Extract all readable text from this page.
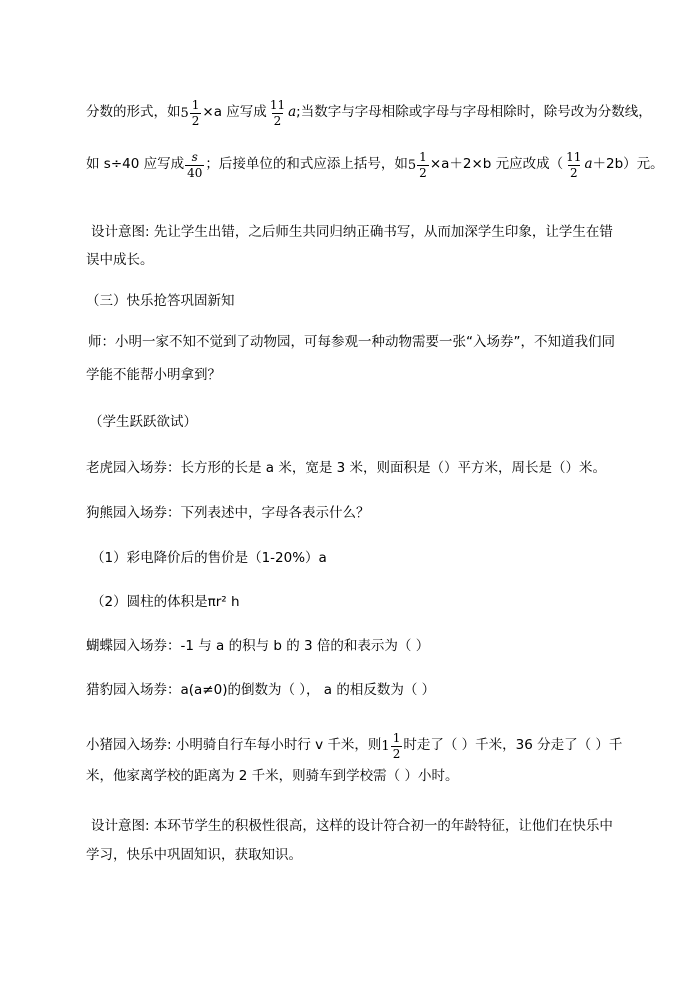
分数的形式，如 $5 \frac{1}{2} \times a$ 应写成 $\frac{11}{2}$ a ;当数字与字母相除或字母与字母相除时，除号改为分数线，
如 s÷40 应写成 $\frac{s}{40}$ ；后接单位的和式应添上括号，如 $5 \frac{1}{2} \times a+2\times b$ 元应改成（ $\frac{11}{2}$ a ＋2b）元。
设计意图: 先让学生出错，之后师生共同归纳正确书写，从而加深学生印象，让学生在错
误中成长。
（三）快乐抢答巩固新知
师：小明一家不知不觉到了动物园，可每参观一种动物需要一张“入场券”，不知道我们同
学能不能帮小明拿到？
（学生跃跃欲试）
老虎园入场券：长方形的长是 a 米，宽是 3 米，则面积是（）平方米，周长是（）米。
狗熊园入场券：下列表述中，字母各表示什么？
（1）彩电降价后的售价是（1-20%）a
（2）圆柱的体积是πr² h
蝴蝶园入场券：-1 与 a 的积与 b 的 3 倍的和表示为（ ）
猎豹园入场券：a(a≠0)的倒数为（ ）， a 的相反数为（ ）
小猪园入场券: 小明骑自行车每小时行 v 千米，则 $1 \frac{1}{2}$ 时走了（ ）千米，36 分走了（ ）千
米，他家离学校的距离为 2 千米，则骑车到学校需（ ）小时。
设计意图: 本环节学生的积极性很高，这样的设计符合初一的年龄特征，让他们在快乐中
学习，快乐中巩固知识，获取知识。
